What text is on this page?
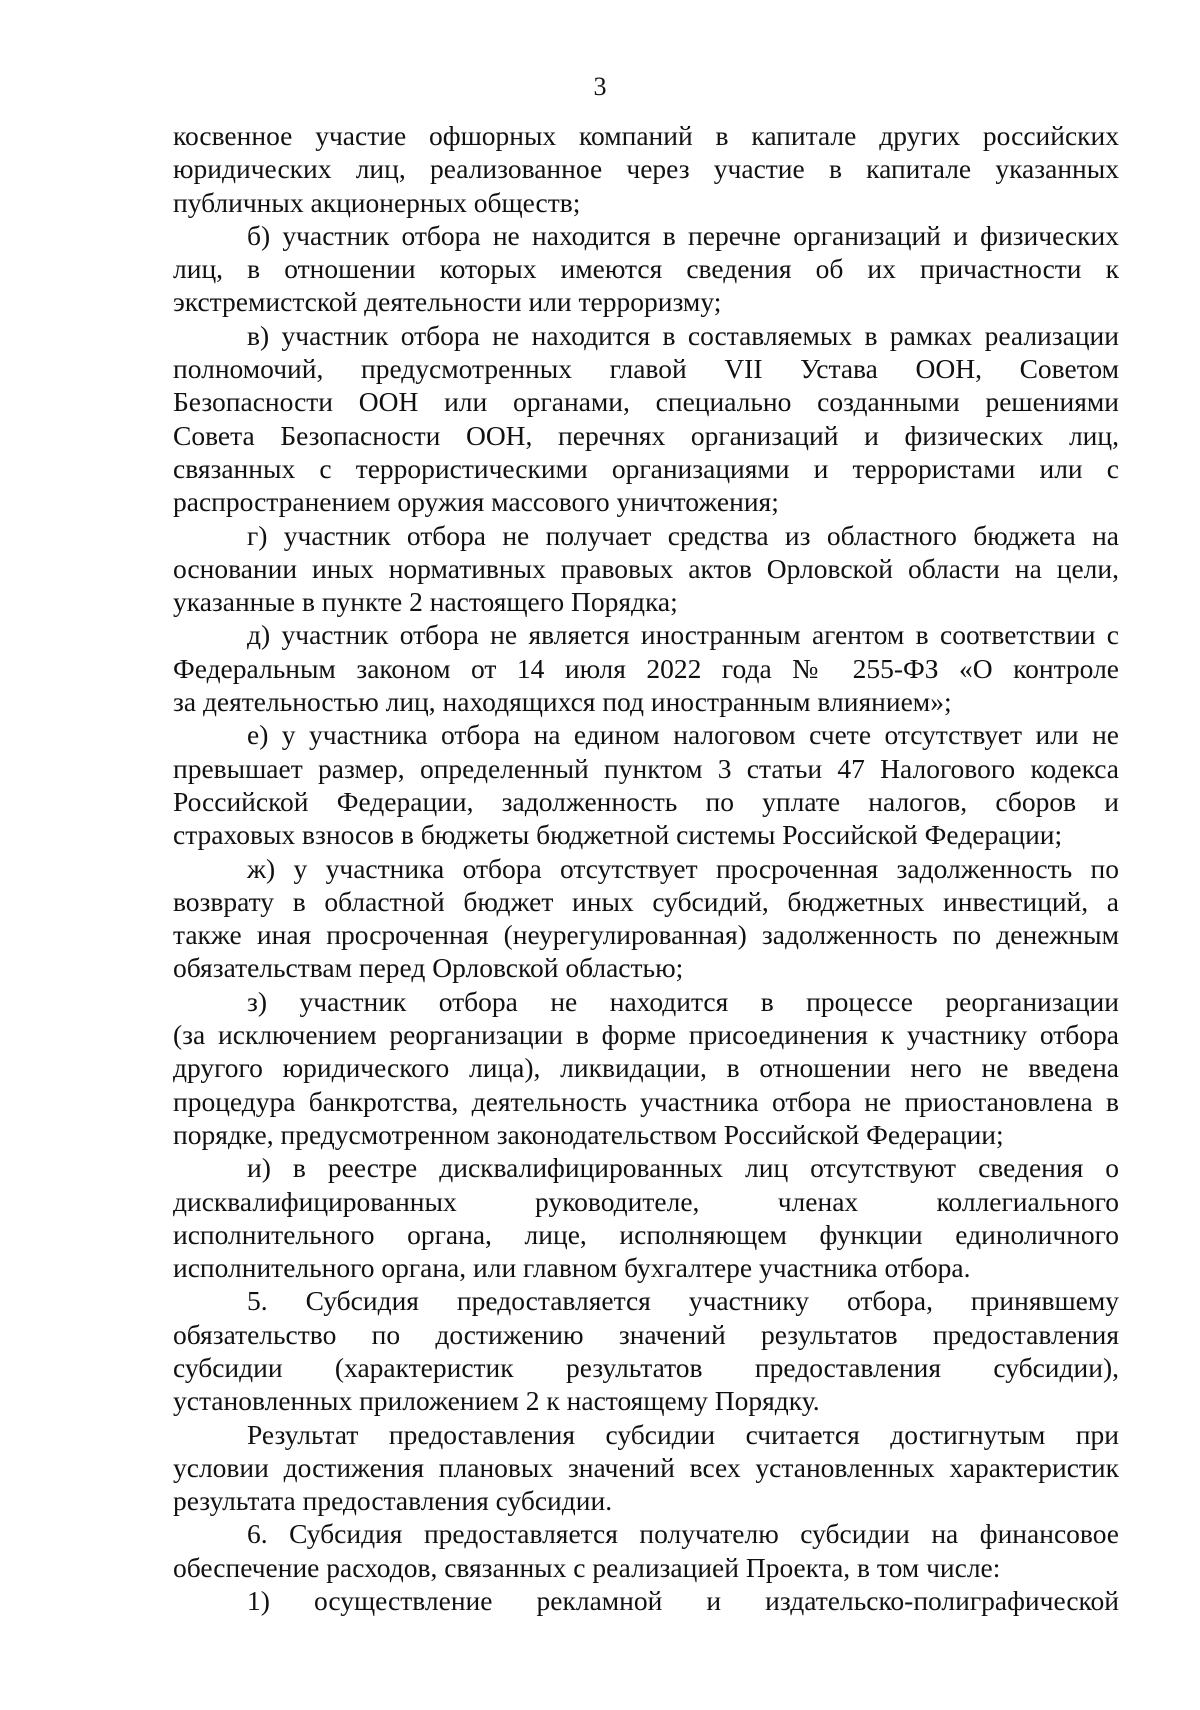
3
косвенное участие офшорных компаний в капитале других российских
юридических лиц, реализованное через участие в капитале указанных
публичных акционерных обществ;
б) участник отбора не находится в перечне организаций и физических
лиц, в отношении которых имеются сведения об их причастности к
экстремистской деятельности или терроризму;
в) участник отбора не находится в составляемых в рамках реализации
полномочий, предусмотренных главой VII Устава ООН, Советом
Безопасности ООН или органами, специально созданными решениями
Совета Безопасности ООН, перечнях организаций и физических лиц,
связанных с террористическими организациями и террористами или с
распространением оружия массового уничтожения;
г) участник отбора не получает средства из областного бюджета на
основании иных нормативных правовых актов Орловской области на цели,
указанные в пункте 2 настоящего Порядка;
д) участник отбора не является иностранным агентом в соответствии с
Федеральным законом от 14 июля 2022 года № 255-ФЗ «О контроле
за деятельностью лиц, находящихся под иностранным влиянием»;
е) у участника отбора на едином налоговом счете отсутствует или не
превышает размер, определенный пунктом 3 статьи 47 Налогового кодекса
Российской Федерации, задолженность по уплате налогов, сборов и
страховых взносов в бюджеты бюджетной системы Российской Федерации;
ж) у участника отбора отсутствует просроченная задолженность по
возврату в областной бюджет иных субсидий, бюджетных инвестиций, а
также иная просроченная (неурегулированная) задолженность по денежным
обязательствам перед Орловской областью;
з) участник отбора не находится в процессе реорганизации
(за исключением реорганизации в форме присоединения к участнику отбора
другого юридического лица), ликвидации, в отношении него не введена
процедура банкротства, деятельность участника отбора не приостановлена в
порядке, предусмотренном законодательством Российской Федерации;
и) в реестре дисквалифицированных лиц отсутствуют сведения о
дисквалифицированных руководителе, членах коллегиального
исполнительного органа, лице, исполняющем функции единоличного
исполнительного органа, или главном бухгалтере участника отбора.
5. Субсидия предоставляется участнику отбора, принявшему
обязательство по достижению значений результатов предоставления
субсидии (характеристик результатов предоставления субсидии),
установленных приложением 2 к настоящему Порядку.
Результат предоставления субсидии считается достигнутым при
условии достижения плановых значений всех установленных характеристик
результата предоставления субсидии.
6. Субсидия предоставляется получателю субсидии на финансовое
обеспечение расходов, связанных с реализацией Проекта, в том числе:
1) осуществление рекламной и издательско-полиграфической
